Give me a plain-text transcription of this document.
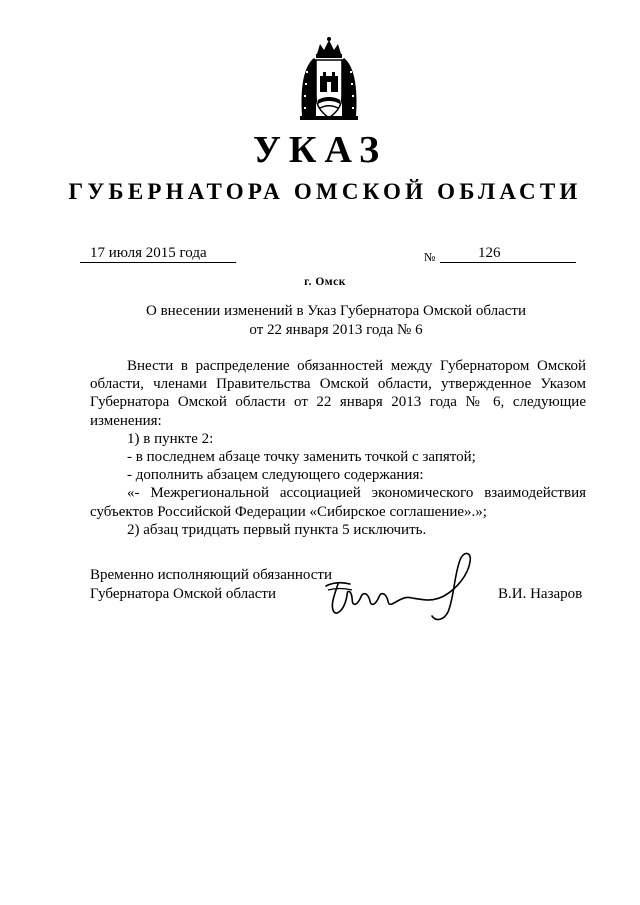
УКАЗ
ГУБЕРНАТОРА ОМСКОЙ ОБЛАСТИ
17 июля 2015 года	№	126
г. Омск
О внесении изменений в Указ Губернатора Омской области
от 22 января 2013 года № 6

Внести в распределение обязанностей между Губернатором Омской области, членами Правительства Омской области, утвержденное Указом Губернатора Омской области от 22 января 2013 года № 6, следующие изменения:

1) в пункте 2:

- в последнем абзаце точку заменить точкой с запятой;

- дополнить абзацем следующего содержания:

«- Межрегиональной ассоциацией экономического взаимодействия субъектов Российской Федерации «Сибирское соглашение».»;

2) абзац тридцать первый пункта 5 исключить.

Временно исполняющий обязанности
Губернатора Омской области	В.И. Назаров
